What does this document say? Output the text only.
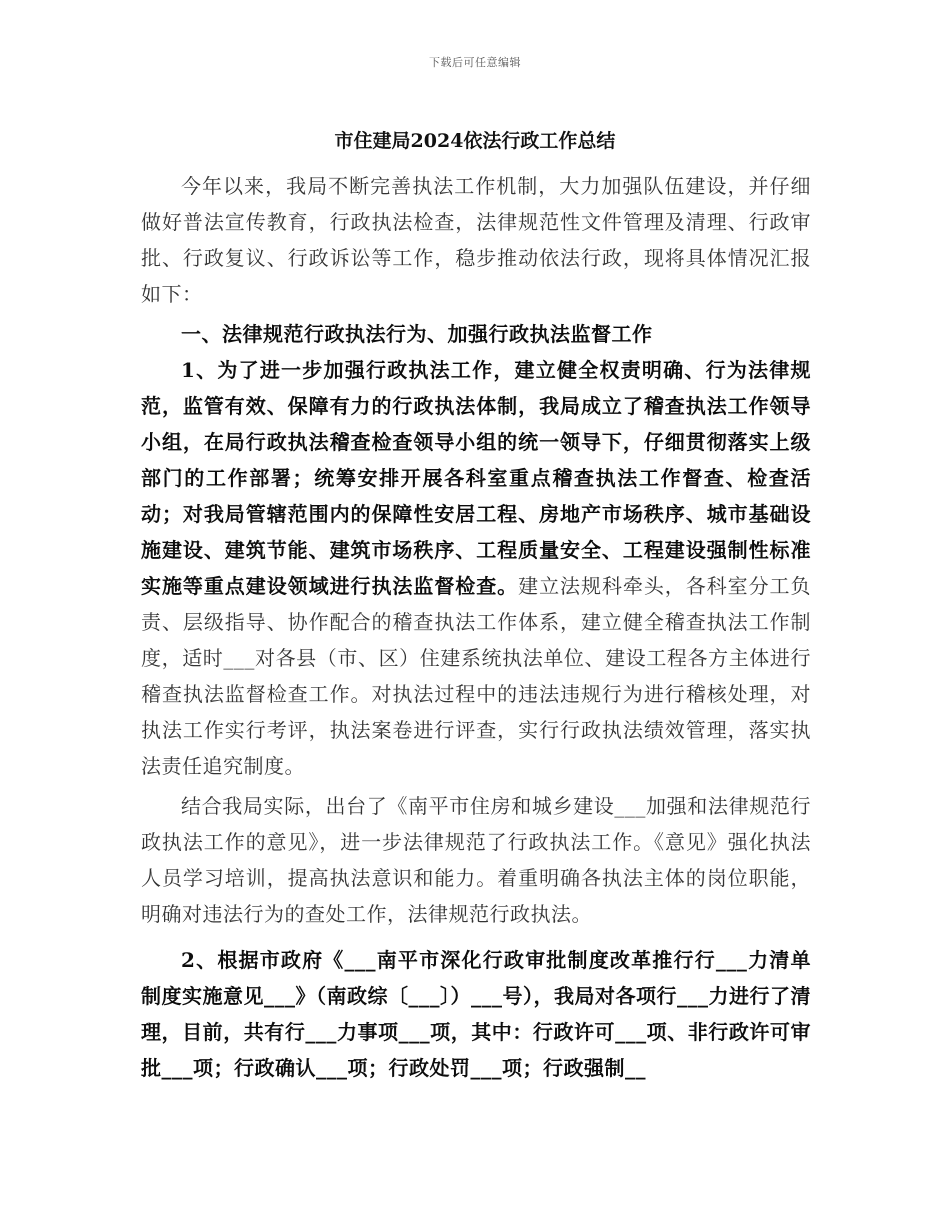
下载后可任意编辑
市住建局2024依法行政工作总结

今年以来，我局不断完善执法工作机制，大力加强队伍建设，并仔细做好普法宣传教育，行政执法检查，法律规范性文件管理及清理、行政审批、行政复议、行政诉讼等工作，稳步推动依法行政，现将具体情况汇报如下：

一、法律规范行政执法行为、加强行政执法监督工作

1、为了进一步加强行政执法工作，建立健全权责明确、行为法律规范，监管有效、保障有力的行政执法体制，我局成立了稽查执法工作领导小组，在局行政执法稽查检查领导小组的统一领导下，仔细贯彻落实上级部门的工作部署；统筹安排开展各科室重点稽查执法工作督查、检查活动；对我局管辖范围内的保障性安居工程、房地产市场秩序、城市基础设施建设、建筑节能、建筑市场秩序、工程质量安全、工程建设强制性标准实施等重点建设领域进行执法监督检查。建立法规科牵头，各科室分工负责、层级指导、协作配合的稽查执法工作体系，建立健全稽查执法工作制度，适时___对各县（市、区）住建系统执法单位、建设工程各方主体进行稽查执法监督检查工作。对执法过程中的违法违规行为进行稽核处理，对执法工作实行考评，执法案卷进行评查，实行行政执法绩效管理，落实执法责任追究制度。

结合我局实际，出台了《南平市住房和城乡建设___加强和法律规范行政执法工作的意见》，进一步法律规范了行政执法工作。《意见》强化执法人员学习培训，提高执法意识和能力。着重明确各执法主体的岗位职能，明确对违法行为的查处工作，法律规范行政执法。

2、根据市政府《___南平市深化行政审批制度改革推行行___力清单制度实施意见___》（南政综〔___〕）___号），我局对各项行___力进行了清理，目前，共有行___力事项___项，其中：行政许可___项、非行政许可审批___项；行政确认___项；行政处罚___项；行政强制__
